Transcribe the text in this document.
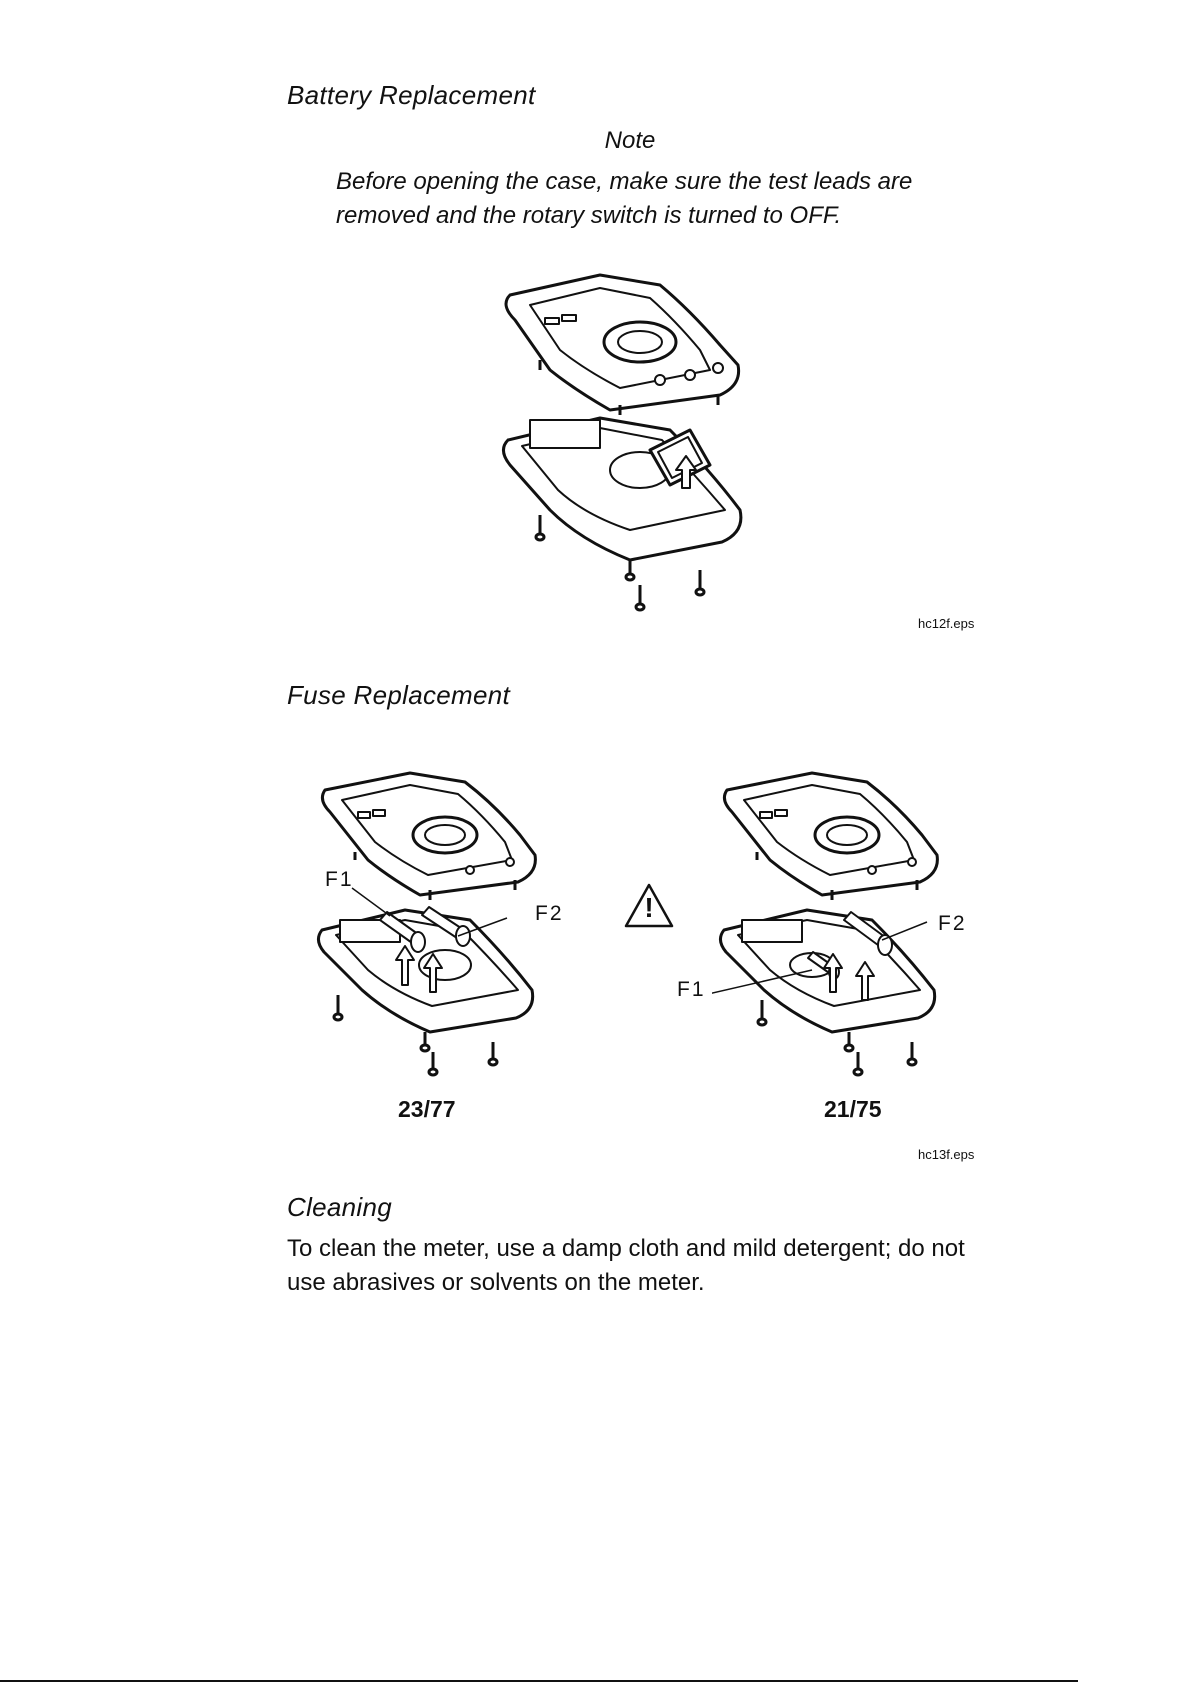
Battery Replacement
Note
Before opening the case, make sure the test leads are removed and the rotary switch is turned to OFF.
hc12f.eps
Fuse Replacement
F1
F2
23/77
!
F1
F2
21/75
hc13f.eps
Cleaning
To clean the meter, use a damp cloth and mild detergent; do not use abrasives or solvents on the meter.
